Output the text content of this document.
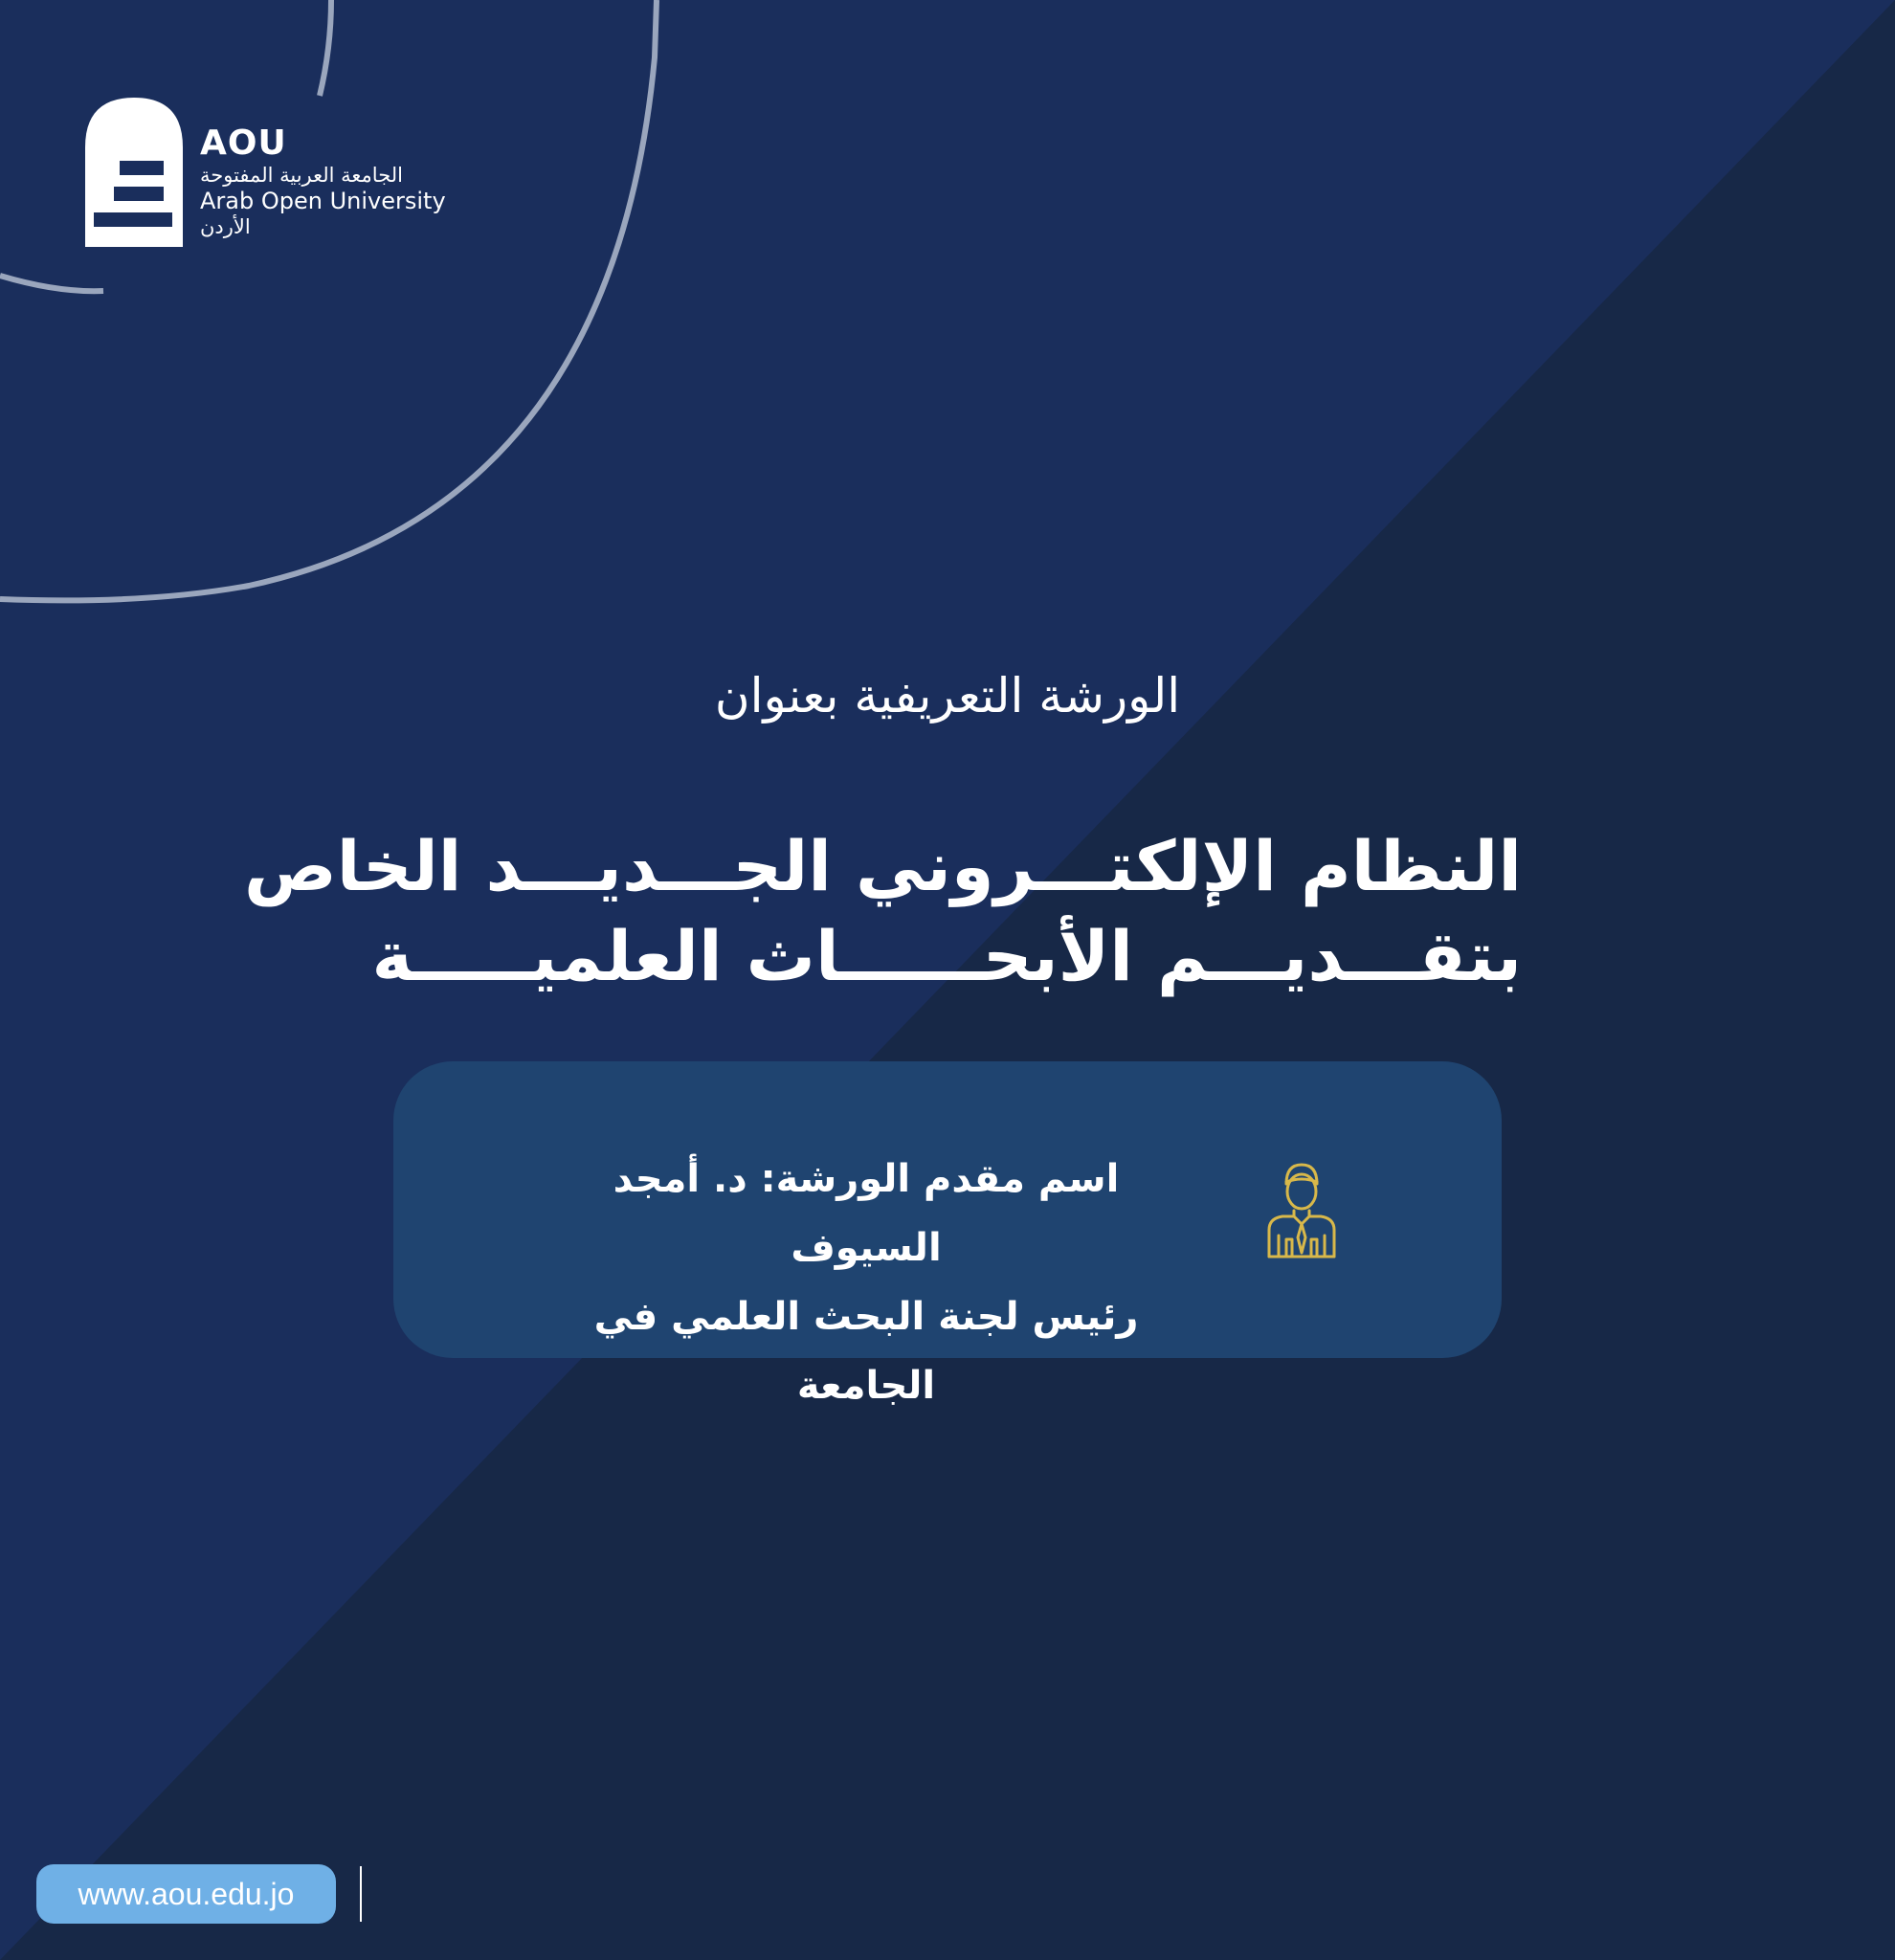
AOU
الجامعة العربية المفتوحة
Arab Open University
الأردن
الورشة التعريفية بعنوان
النظام الإلكتـــروني الجـــديـــد الخاص
بتقـــديـــم الأبحــــــاث العلميـــــة
اسم مقدم الورشة: د. أمجد السيوف
رئيس لجنة البحث العلمي في الجامعة
www.aou.edu.jo
